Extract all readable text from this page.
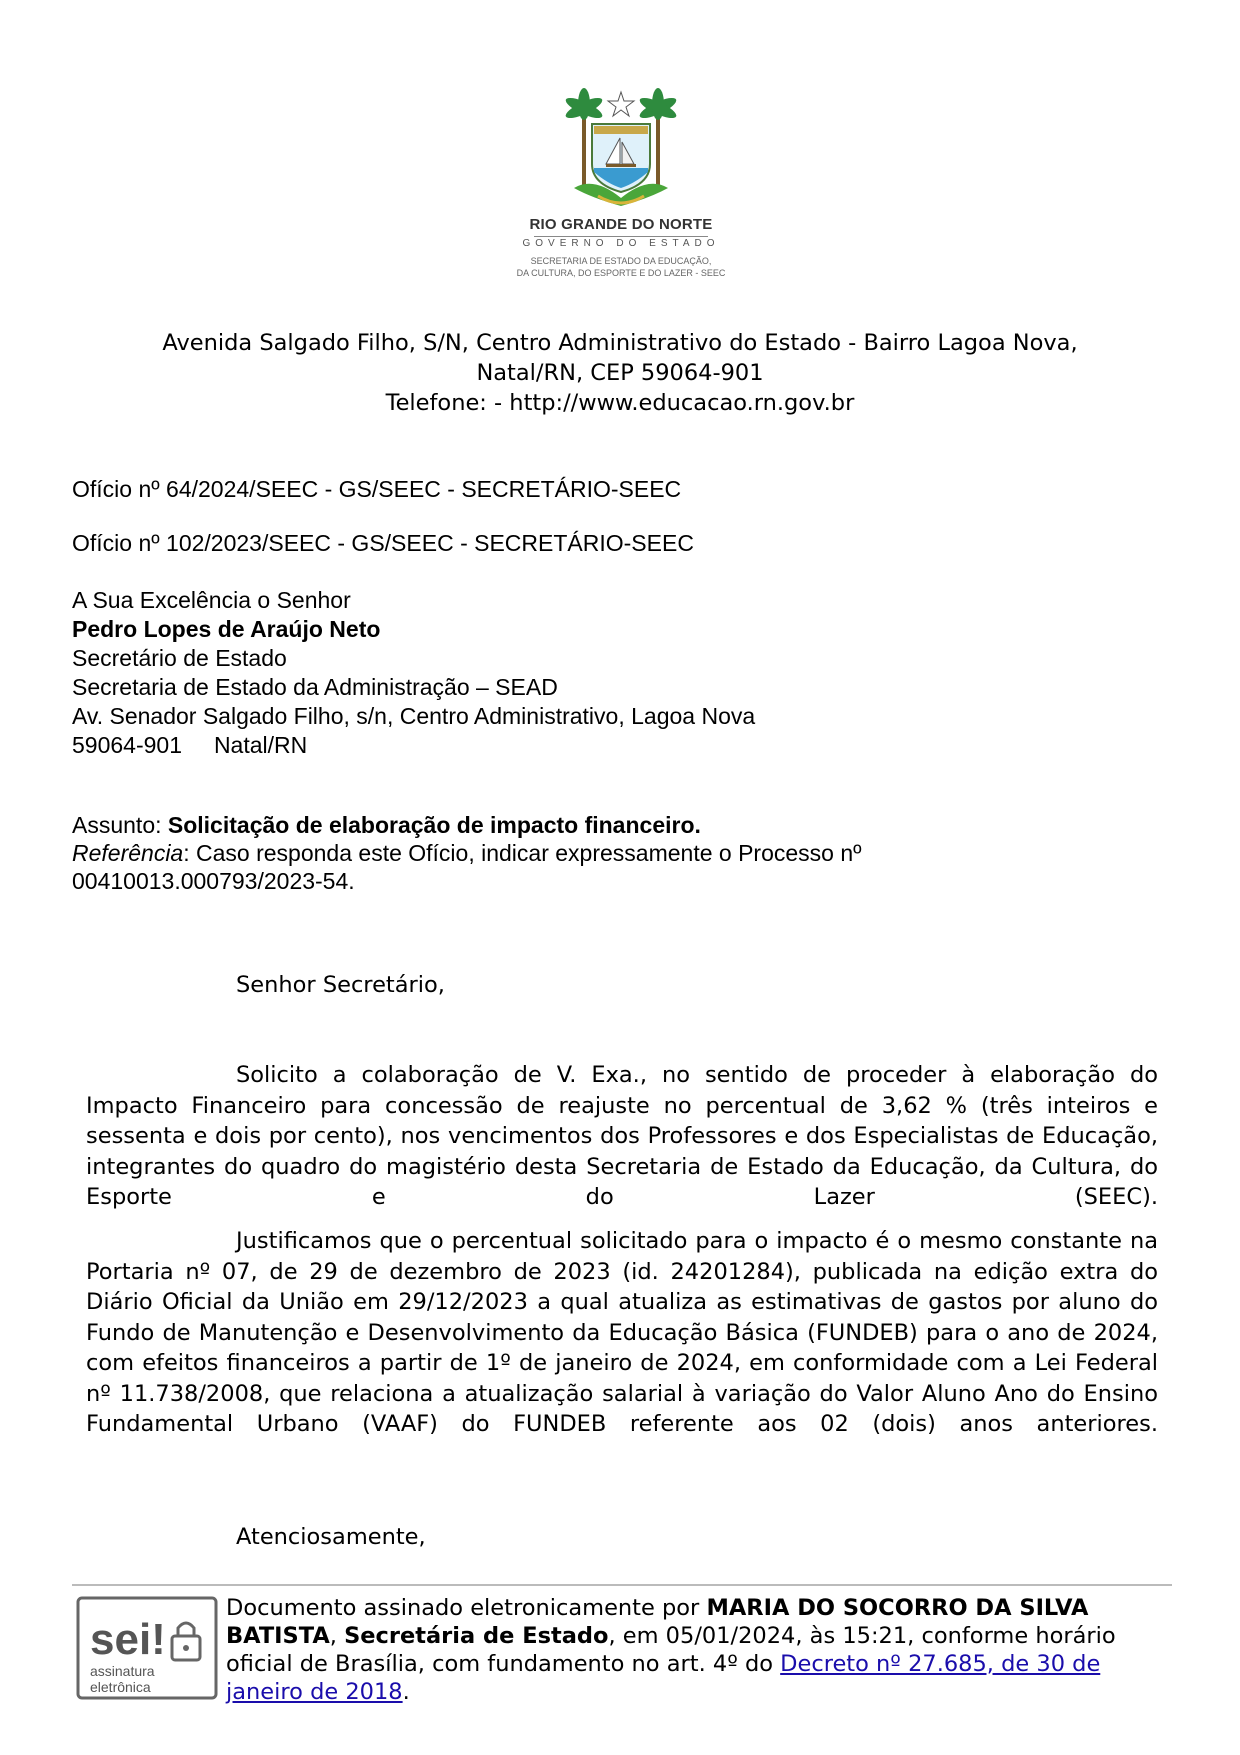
RIO GRANDE DO NORTE
GOVERNO DO ESTADO
SECRETARIA DE ESTADO DA EDUCAÇÃO,
DA CULTURA, DO ESPORTE E DO LAZER - SEEC
Avenida Salgado Filho, S/N, Centro Administrativo do Estado - Bairro Lagoa Nova,
Natal/RN, CEP 59064-901
Telefone: - http://www.educacao.rn.gov.br
Ofício nº 64/2024/SEEC - GS/SEEC - SECRETÁRIO-SEEC
Ofício nº 102/2023/SEEC - GS/SEEC - SECRETÁRIO-SEEC
A Sua Excelência o Senhor
Pedro Lopes de Araújo Neto
Secretário de Estado
Secretaria de Estado da Administração – SEAD
Av. Senador Salgado Filho, s/n, Centro Administrativo, Lagoa Nova
59064-901     Natal/RN
Assunto: Solicitação de elaboração de impacto financeiro.
Referência: Caso responda este Ofício, indicar expressamente o Processo nº
00410013.000793/2023-54.
Senhor Secretário,
Solicito a colaboração de V. Exa., no sentido de proceder à elaboração do Impacto Financeiro para concessão de reajuste no percentual de 3,62 % (três inteiros e sessenta e dois por cento), nos vencimentos dos Professores e dos Especialistas de Educação, integrantes do quadro do magistério desta Secretaria de Estado da Educação, da Cultura, do Esporte e do Lazer (SEEC).
Justificamos que o percentual solicitado para o impacto é o mesmo constante na Portaria nº 07, de 29 de dezembro de 2023 (id. 24201284), publicada na edição extra do Diário Oficial da União em 29/12/2023 a qual atualiza as estimativas de gastos por aluno do Fundo de Manutenção e Desenvolvimento da Educação Básica (FUNDEB) para o ano de 2024, com efeitos financeiros a partir de 1º de janeiro de 2024, em conformidade com a Lei Federal nº 11.738/2008, que relaciona a atualização salarial à variação do Valor Aluno Ano do Ensino Fundamental Urbano (VAAF) do FUNDEB referente aos 02 (dois) anos anteriores.
Atenciosamente,
sei!
assinatura
eletrônica
Documento assinado eletronicamente por MARIA DO SOCORRO DA SILVA BATISTA, Secretária de Estado, em 05/01/2024, às 15:21, conforme horário oficial de Brasília, com fundamento no art. 4º do Decreto nº 27.685, de 30 de janeiro de 2018.
